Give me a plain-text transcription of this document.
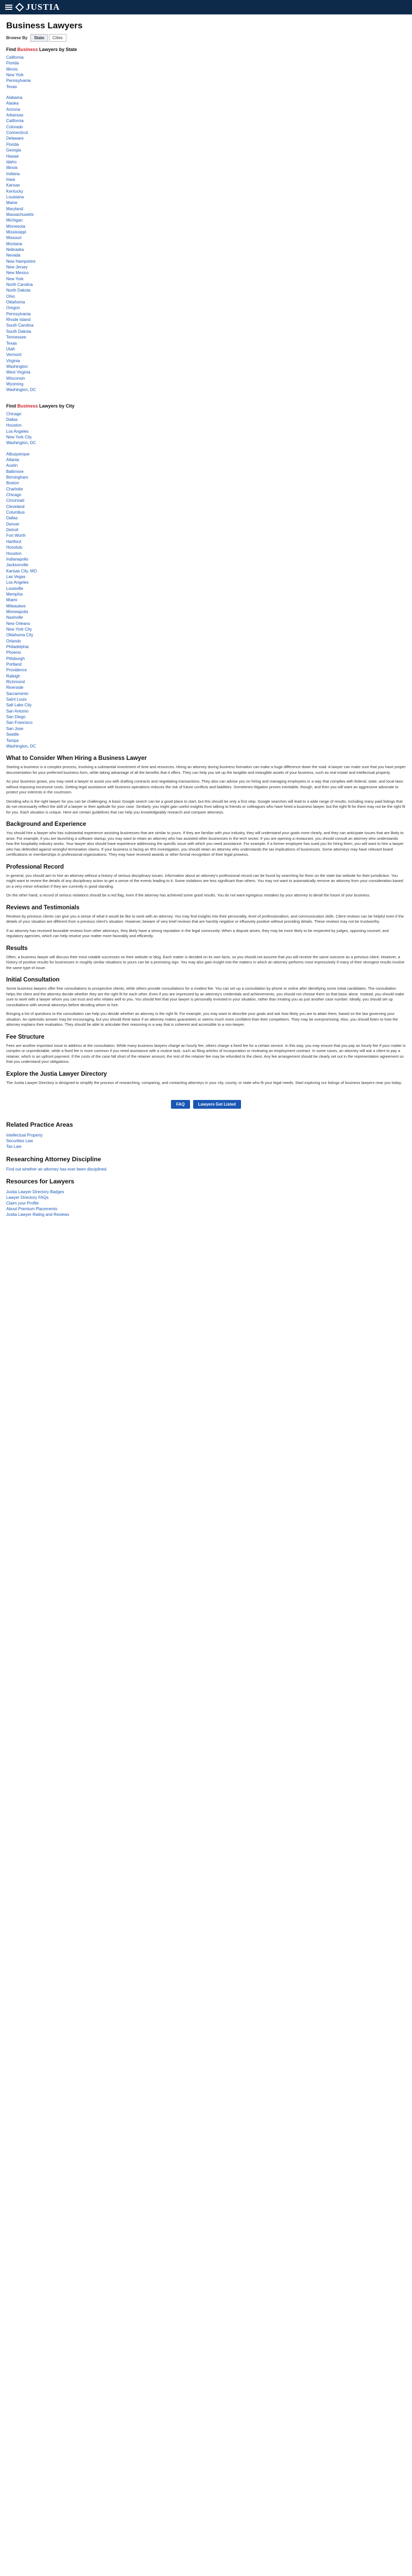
JUSTIA
Business Lawyers
Browse By	State	Cities
Find Business Lawyers by State
California
Florida
Illinois
New York
Pennsylvania
Texas
Alabama
Alaska
Arizona
Arkansas
California
Colorado
Connecticut
Delaware
Florida
Georgia
Hawaii
Idaho
Illinois
Indiana
Iowa
Kansas
Kentucky
Louisiana
Maine
Maryland
Massachusetts
Michigan
Minnesota
Mississippi
Missouri
Montana
Nebraska
Nevada
New Hampshire
New Jersey
New Mexico
New York
North Carolina
North Dakota
Ohio
Oklahoma
Oregon
Pennsylvania
Rhode Island
South Carolina
South Dakota
Tennessee
Texas
Utah
Vermont
Virginia
Washington
West Virginia
Wisconsin
Wyoming
Washington, DC
Find Business Lawyers by City
Chicago
Dallas
Houston
Los Angeles
New York City
Washington, DC
Albuquerque
Atlanta
Austin
Baltimore
Birmingham
Boston
Charlotte
Chicago
Cincinnati
Cleveland
Columbus
Dallas
Denver
Detroit
Fort Worth
Hartford
Honolulu
Houston
Indianapolis
Jacksonville
Kansas City, MO
Las Vegas
Los Angeles
Louisville
Memphis
Miami
Milwaukee
Minneapolis
Nashville
New Orleans
New York City
Oklahoma City
Orlando
Philadelphia
Phoenix
Pittsburgh
Portland
Providence
Raleigh
Richmond
Riverside
Sacramento
Saint Louis
Salt Lake City
San Antonio
San Diego
San Francisco
San Jose
Seattle
Tampa
Washington, DC
What to Consider When Hiring a Business Lawyer

Starting a business is a complex process, involving a substantial investment of time and resources. Hiring an attorney during business formation can make a huge difference down the road. A lawyer can make sure that you have proper documentation for your preferred business form, while taking advantage of all the benefits that it offers. They can help you set up the tangible and intangible assets of your business, such as real estate and intellectual property.

As your business grows, you may need a lawyer to assist you with drafting contracts and negotiating transactions. They also can advise you on hiring and managing employees in a way that complies with federal, state, and local laws without imposing excessive costs. Getting legal assistance with business operations reduces the risk of future conflicts and liabilities. Sometimes litigation proves inevitable, though, and then you will want an aggressive advocate to protect your interests in the courtroom.

Deciding who is the right lawyer for you can be challenging. A basic Google search can be a good place to start, but this should be only a first step. Google searches will lead to a wide range of results, including many paid listings that do not necessarily reflect the skill of a lawyer or their aptitude for your case. Similarly, you might gain useful insights from talking to friends or colleagues who have hired a business lawyer, but the right fit for them may not be the right fit for you. Each situation is unique. Here are certain guidelines that can help you knowledgeably research and compare attorneys.

Background and Experience

You should hire a lawyer who has substantial experience assisting businesses that are similar to yours. If they are familiar with your industry, they will understand your goals more clearly, and they can anticipate issues that are likely to arise. For example, if you are launching a software startup, you may want to retain an attorney who has assisted other businesses in the tech sector. If you are opening a restaurant, you should consult an attorney who understands how the hospitality industry works. Your lawyer also should have experience addressing the specific issue with which you need assistance. For example, if a former employee has sued you for hiring them, you will want to hire a lawyer who has defended against wrongful termination claims. If your business is facing an IRS investigation, you should retain an attorney who understands the tax implications of businesses. Some attorneys may have relevant board certifications or memberships in professional organizations. They may have received awards or other formal recognition of their legal prowess.

Professional Record

In general, you should aim to hire an attorney without a history of serious disciplinary issues. Information about an attorney's professional record can be found by searching for them on the state bar website for their jurisdiction. You might want to review the details of any disciplinary action to get a sense of the events leading to it. Some violations are less significant than others. You may not want to automatically remove an attorney from your consideration based on a very minor infraction if they are currently in good standing.

On the other hand, a record of serious violations should be a red flag, even if the attorney has achieved some good results. You do not want egregious mistakes by your attorney to derail the future of your business.

Reviews and Testimonials

Reviews by previous clients can give you a sense of what it would be like to work with an attorney. You may find insights into their personality, level of professionalism, and communication skills. Client reviews can be helpful even if the details of your situation are different from a previous client's situation. However, beware of very brief reviews that are harshly negative or effusively positive without providing details. These reviews may not be trustworthy.

If an attorney has received favorable reviews from other attorneys, they likely have a strong reputation in the legal community. When a dispute arises, they may be more likely to be respected by judges, opposing counsel, and regulatory agencies, which can help resolve your matter more favorably and efficiently.

Results

Often, a business lawyer will discuss their most notable successes on their website or blog. Each matter is decided on its own facts, so you should not assume that you will receive the same outcome as a previous client. However, a history of positive results for businesses in roughly similar situations to yours can be a promising sign. You may also gain insight into the matters in which an attorney performs most impressively if many of their strongest results involve the same type of issue.

Initial Consultation

Some business lawyers offer free consultations to prospective clients, while others provide consultations for a modest fee. You can set up a consultation by phone or online after identifying some initial candidates. The consultation helps the client and the attorney decide whether they are the right fit for each other. Even if you are impressed by an attorney's credentials and achievements, you should not choose them so that basic alone. Instead, you should make sure to work with a lawyer whom you can trust and who relates well to you. You should feel that your lawyer is personally invested in your situation, rather than treating you as just another case number. Ideally, you should set up consultations with several attorneys before deciding whom to hire.

Bringing a list of questions to the consultation can help you decide whether an attorney is the right fit. For example, you may want to describe your goals and ask how likely you are to attain them, based on the law governing your situation. An optimistic answer may be encouraging, but you should think twice if an attorney makes guarantees or seems much more confident than their competitors. They may be overpromising. Also, you should listen to how the attorney explains their evaluation. They should be able to articulate their reasoning in a way that is coherent and accessible to a non-lawyer.

Fee Structure

Fees are another important issue to address at the consultation. While many business lawyers charge an hourly fee, others charge a fixed fee for a certain service. In this way, you may ensure that you pay an hourly fee if your matter is complex or unpredictable, while a fixed fee is more common if you need assistance with a routine task, such as filing articles of incorporation or reviewing an employment contract. In some cases, an attorney will ask a client to pay a retainer, which is an upfront payment. If the costs of the case fall short of the retainer amount, the rest of the retainer fee may be refunded to the client. Any fee arrangement should be clearly set out in the representation agreement so that you understand your obligations.

Explore the Justia Lawyer Directory

The Justia Lawyer Directory is designed to simplify the process of researching, comparing, and contacting attorneys in your city, county, or state who fit your legal needs. Start exploring our listings of business lawyers near you today.

FAQ	Lawyers Get Listed
Related Practice Areas
Intellectual Property
Securities Law
Tax Law
Researching Attorney Discipline

Find out whether an attorney has ever been disciplined.

Resources for Lawyers
Justia Lawyer Directory Badges
Lawyer Directory FAQs
Claim your Profile
About Premium Placements
Justia Lawyer Rating and Reviews
